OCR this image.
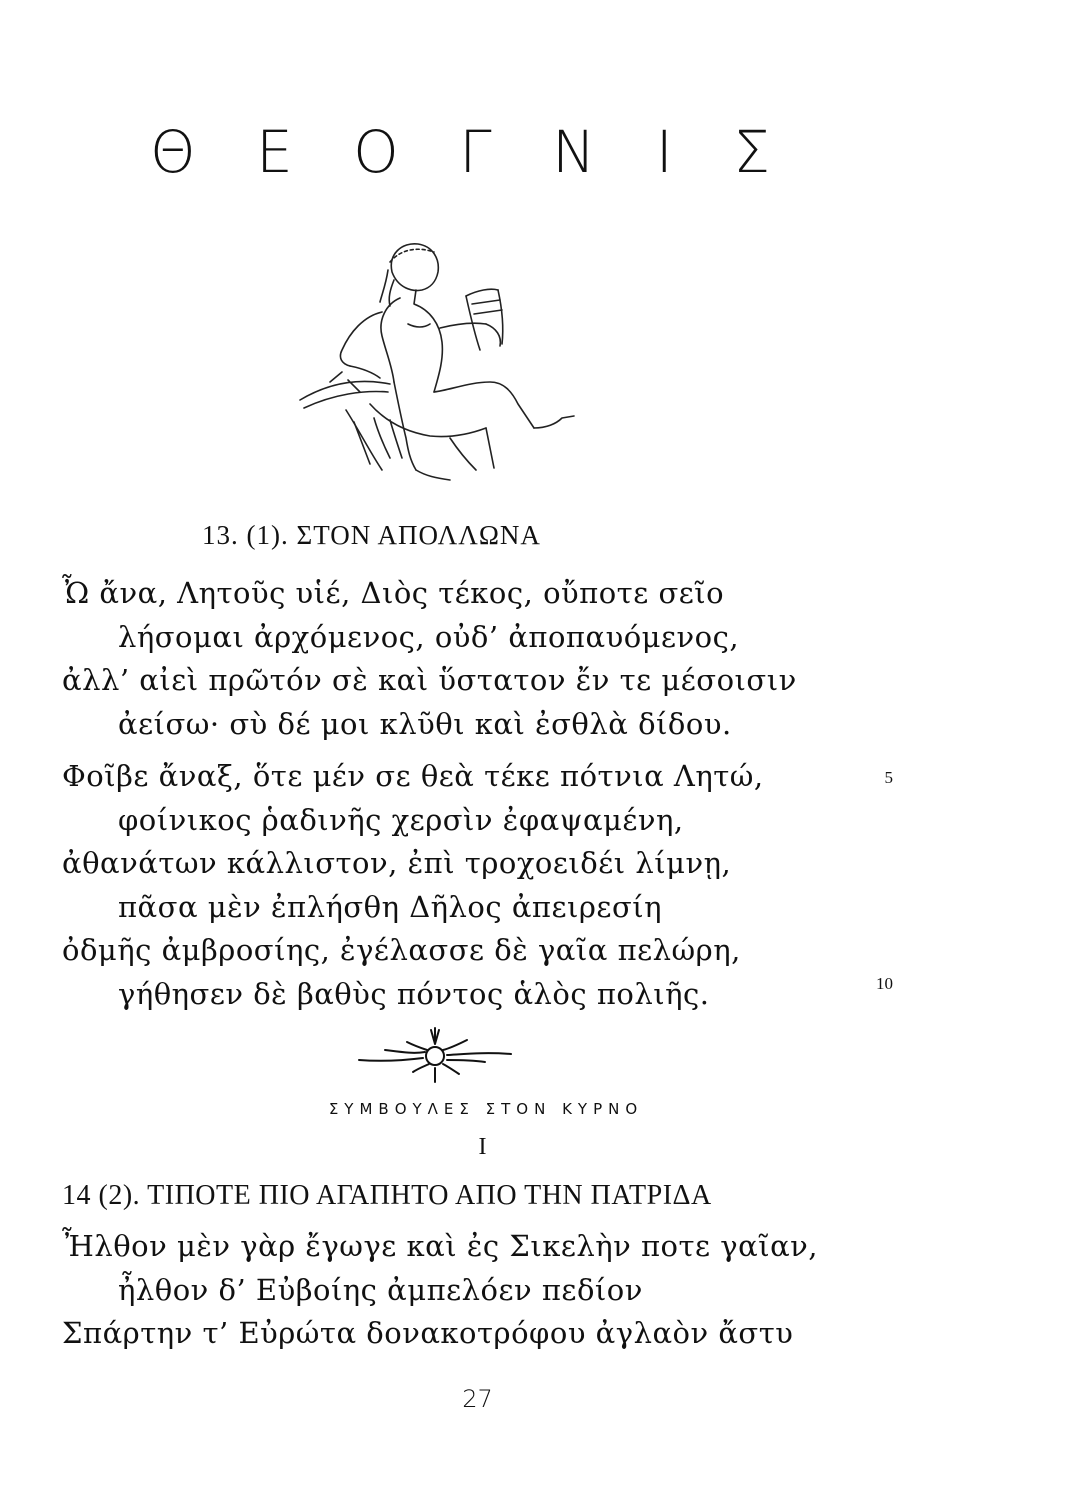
Θ Ε Ο Γ Ν Ι Σ
13. (1). ΣΤΟΝ ΑΠΟΛΛΩΝΑ
Ὦ ἄνα, Λητοῦς υἱέ, Διὸς τέκος, οὔποτε σεῖο
λήσομαι ἀρχόμενος, οὐδ’ ἀποπαυόμενος,
ἀλλ’ αἰεὶ πρῶτόν σὲ καὶ ὕστατον ἔν τε μέσοισιν
ἀείσω· σὺ δέ μοι κλῦθι καὶ ἐσθλὰ δίδου.
Φοῖβε ἄναξ, ὅτε μέν σε θεὰ τέκε πότνια Λητώ,
φοίνικος ῥαδινῆς χερσὶν ἐφαψαμένη,
ἀθανάτων κάλλιστον, ἐπὶ τροχοειδέι λίμνῃ,
πᾶσα μὲν ἐπλήσθη Δῆλος ἀπειρεσίη
ὀδμῆς ἀμβροσίης, ἐγέλασσε δὲ γαῖα πελώρη,
γήθησεν δὲ βαθὺς πόντος ἁλὸς πολιῆς.
5
10
ΣΥΜΒΟΥΛΕΣ ΣΤΟΝ ΚΥΡΝΟ
I
14 (2). ΤΙΠΟΤΕ ΠΙΟ ΑΓΑΠΗΤΟ ΑΠΟ ΤΗΝ ΠΑΤΡΙΔΑ
Ἦλθον μὲν γὰρ ἔγωγε καὶ ἐς Σικελὴν ποτε γαῖαν,
ἦλθον δ’ Εὐβοίης ἀμπελόεν πεδίον
Σπάρτην τ’ Εὐρώτα δονακοτρόφου ἀγλαὸν ἄστυ
27
